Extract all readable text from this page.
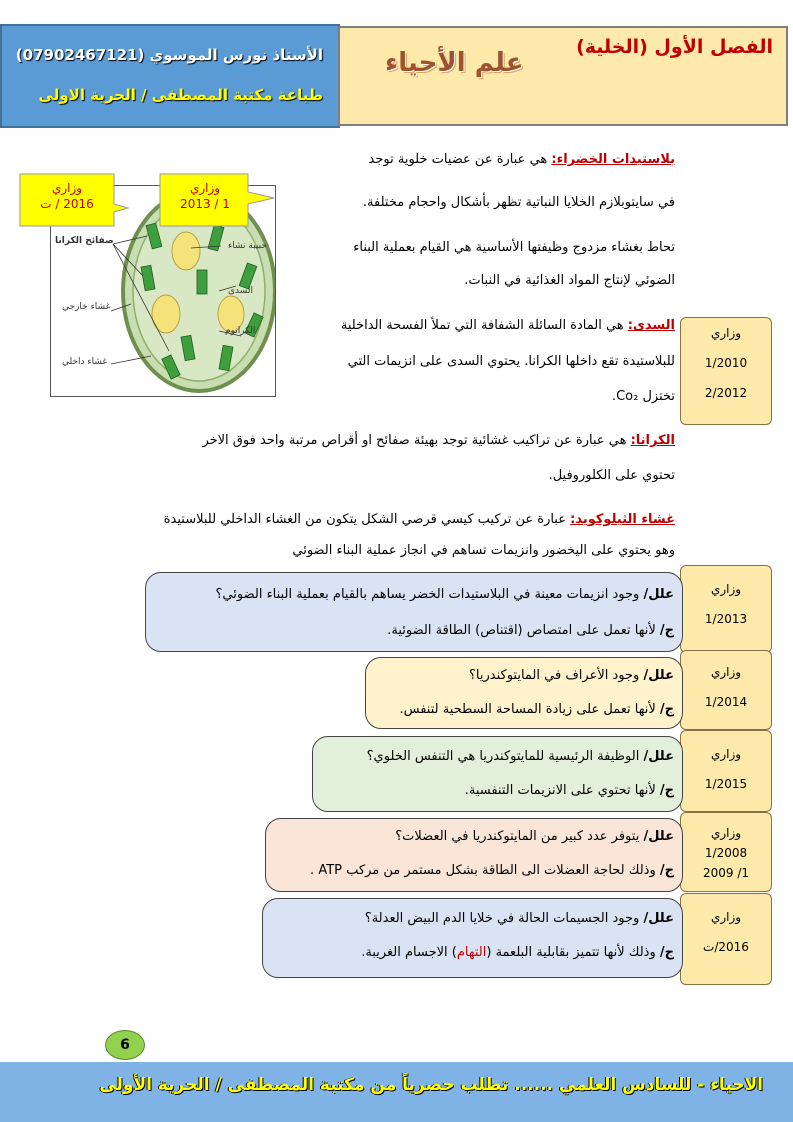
الفصل الأول (الخلية)
علم الأحياء
الأستاذ نورس الموسوي (07902467121)
طباعة مكتبة المصطفى / الحرية الاولى
بلاستيدات الخضراء: هي عبارة عن عضيات خلوية توجد
في سايتوبلازم الخلايا النباتية تظهر بأشكال واحجام مختلفة.
تحاط بغشاء مزدوج وظيفتها الأساسية هي القيام بعملية البناء
الضوئي لإنتاج المواد الغذائية في النبات.
السدى: هي المادة السائلة الشفافة التي تملأ الفسحة الداخلية
للبلاستيدة تقع داخلها الكرانا. يحتوي السدى على انزيمات التي
تختزل Co₂.
الكرانا: هي عبارة عن تراكيب غشائية توجد بهيئة صفائح او أقراص مرتبة واحد فوق الاخر
تحتوي على الكلوروفيل.
غشاء الثيلوكويد: عبارة عن تركيب كيسي قرصي الشكل يتكون من الغشاء الداخلي للبلاستيدة
وهو يحتوي على اليخضور وانزيمات تساهم في انجاز عملية البناء الضوئي
حبيبة نشاء
صفائح الكرانا
السدى
غشاء خارجي
الكرانوم
غشاء داخلي
وزاري
2016 / ت
وزاري
1 / 2013
وزاري
1/2010
2/2012
وزاري
1/2013
علل/ وجود انزيمات معينة في البلاستيدات الخضر يساهم بالقيام بعملية البناء الضوئي؟
ج/ لأنها تعمل على امتصاص (اقتناص) الطاقة الضوئية.
وزاري
1/2014
علل/ وجود الأعراف في المايتوكندريا؟
ج/ لأنها تعمل على زيادة المساحة السطحية لتنفس.
وزاري
1/2015
علل/ الوظيفة الرئيسية للمايتوكندريا هي التنفس الخلوي؟
ج/ لأنها تحتوي على الانزيمات التنفسية.
وزاري
1/2008
1/ 2009
علل/ يتوفر عدد كبير من المايتوكندريا في العضلات؟
ج/ وذلك لحاجة العضلات الى الطاقة بشكل مستمر من مركب ATP .
وزاري
2016/ت
علل/ وجود الجسيمات الحالة في خلايا الدم البيض العدلة؟
ج/ وذلك لأنها تتميز بقابلية البلعمة (التهام) الاجسام الغريبة.
6
الاحياء - للسادس العلمي ...... تطلب حصرياً من مكتبة المصطفى / الحرية الأولى
